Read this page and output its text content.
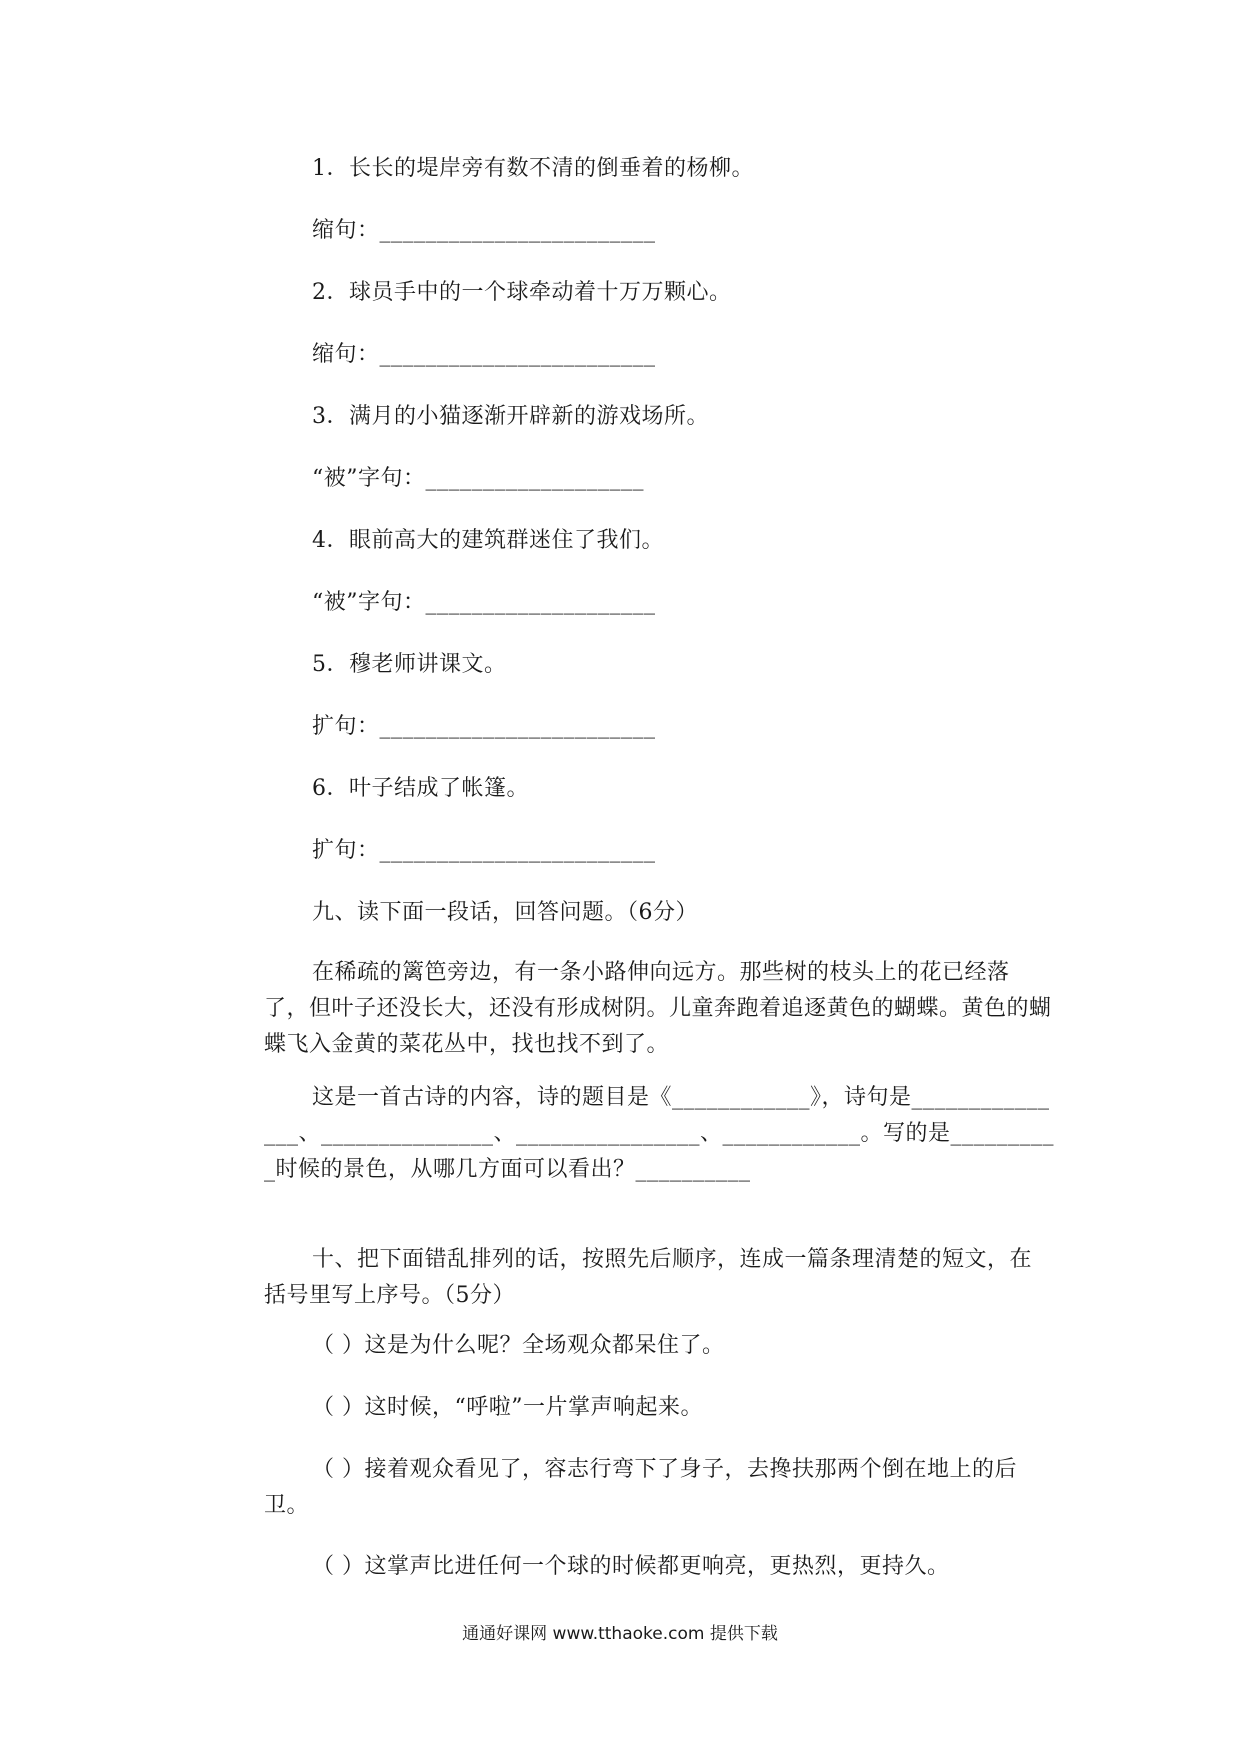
1．长长的堤岸旁有数不清的倒垂着的杨柳。
缩句：________________________
2．球员手中的一个球牵动着十万万颗心。
缩句：________________________
3．满月的小猫逐渐开辟新的游戏场所。
“被”字句：___________________
4．眼前高大的建筑群迷住了我们。
“被”字句：____________________
5．穆老师讲课文。
扩句：________________________
6．叶子结成了帐篷。
扩句：________________________
九、读下面一段话，回答问题。（6分）
在稀疏的篱笆旁边，有一条小路伸向远方。那些树的枝头上的花已经落了，但叶子还没长大，还没有形成树阴。儿童奔跑着追逐黄色的蝴蝶。黄色的蝴蝶飞入金黄的菜花丛中，找也找不到了。
这是一首古诗的内容，诗的题目是《____________》，诗句是_______________、_______________、________________、____________。写的是__________时候的景色，从哪几方面可以看出？__________
十、把下面错乱排列的话，按照先后顺序，连成一篇条理清楚的短文，在括号里写上序号。（5分）
（ ）这是为什么呢？全场观众都呆住了。
（ ）这时候，“呼啦”一片掌声响起来。
（ ）接着观众看见了，容志行弯下了身子，去搀扶那两个倒在地上的后卫。
（ ）这掌声比进任何一个球的时候都更响亮，更热烈，更持久。
通通好课网 www.tthaoke.com 提供下载
